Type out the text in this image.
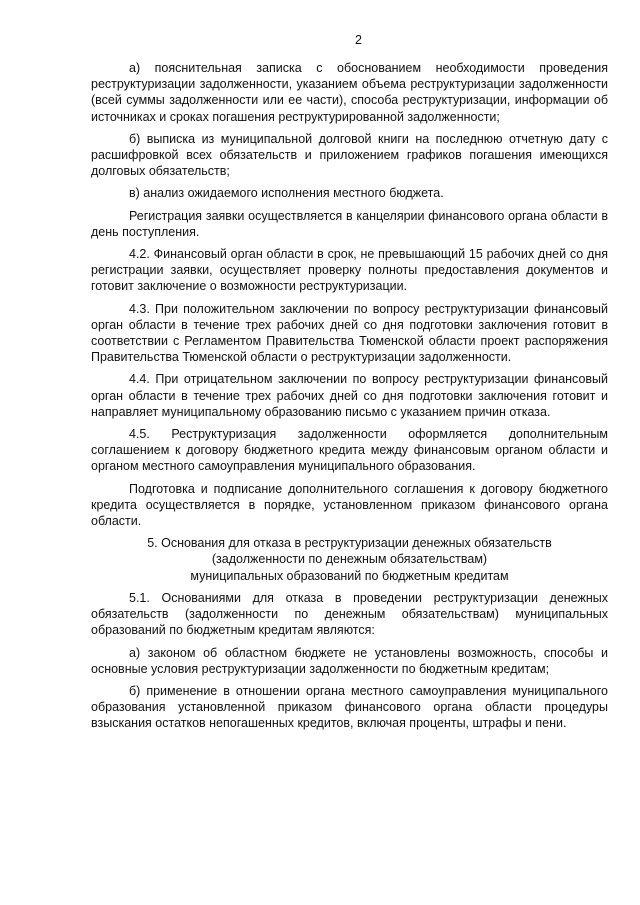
2

а) пояснительная записка с обоснованием необходимости проведения реструктуризации задолженности, указанием объема реструктуризации задолженности (всей суммы задолженности или ее части), способа реструктуризации, информации об источниках и сроках погашения реструктурированной задолженности;

б) выписка из муниципальной долговой книги на последнюю отчетную дату с расшифровкой всех обязательств и приложением графиков погашения имеющихся долговых обязательств;

в) анализ ожидаемого исполнения местного бюджета.

Регистрация заявки осуществляется в канцелярии финансового органа области в день поступления.

4.2. Финансовый орган области в срок, не превышающий 15 рабочих дней со дня регистрации заявки, осуществляет проверку полноты предоставления документов и готовит заключение о возможности реструктуризации.

4.3. При положительном заключении по вопросу реструктуризации финансовый орган области в течение трех рабочих дней со дня подготовки заключения готовит в соответствии с Регламентом Правительства Тюменской области проект распоряжения Правительства Тюменской области о реструктуризации задолженности.

4.4. При отрицательном заключении по вопросу реструктуризации финансовый орган области в течение трех рабочих дней со дня подготовки заключения готовит и направляет муниципальному образованию письмо с указанием причин отказа.

4.5. Реструктуризация задолженности оформляется дополнительным соглашением к договору бюджетного кредита между финансовым органом области и органом местного самоуправления муниципального образования.

Подготовка и подписание дополнительного соглашения к договору бюджетного кредита осуществляется в порядке, установленном приказом финансового органа области.

5. Основания для отказа в реструктуризации денежных обязательств
(задолженности по денежным обязательствам)
муниципальных образований по бюджетным кредитам

5.1. Основаниями для отказа в проведении реструктуризации денежных обязательств (задолженности по денежным обязательствам) муниципальных образований по бюджетным кредитам являются:

а) законом об областном бюджете не установлены возможность, способы и основные условия реструктуризации задолженности по бюджетным кредитам;

б) применение в отношении органа местного самоуправления муниципального образования установленной приказом финансового органа области процедуры взыскания остатков непогашенных кредитов, включая проценты, штрафы и пени.
